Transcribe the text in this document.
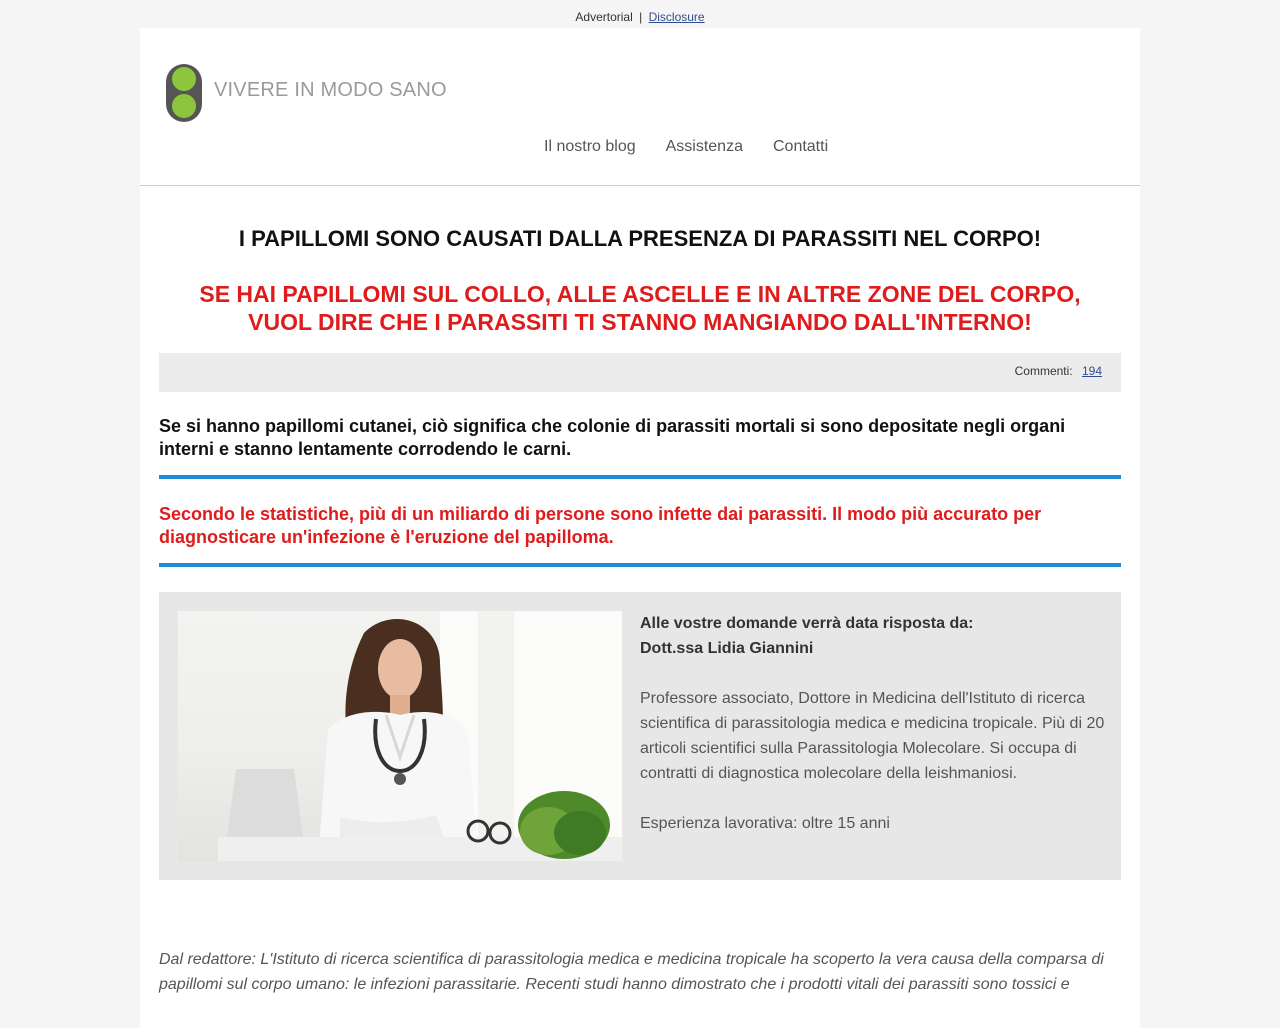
Advertorial | Disclosure
VIVERE IN MODO SANO
Il nostro blog Assistenza Contatti
I PAPILLOMI SONO CAUSATI DALLA PRESENZA DI PARASSITI NEL CORPO!
SE HAI PAPILLOMI SUL COLLO, ALLE ASCELLE E IN ALTRE ZONE DEL CORPO, VUOL DIRE CHE I PARASSITI TI STANNO MANGIANDO DALL'INTERNO!
Commenti: 194

Se si hanno papillomi cutanei, ciò significa che colonie di parassiti mortali si sono depositate negli organi interni e stanno lentamente corrodendo le carni.

Secondo le statistiche, più di un miliardo di persone sono infette dai parassiti. Il modo più accurato per diagnosticare un'infezione è l'eruzione del papilloma.

Alle vostre domande verrà data risposta da:
Dott.ssa Lidia Giannini

Professore associato, Dottore in Medicina dell'Istituto di ricerca scientifica di parassitologia medica e medicina tropicale. Più di 20 articoli scientifici sulla Parassitologia Molecolare. Si occupa di contratti di diagnostica molecolare della leishmaniosi.

Esperienza lavorativa: oltre 15 anni

Dal redattore: L'Istituto di ricerca scientifica di parassitologia medica e medicina tropicale ha scoperto la vera causa della comparsa di papillomi sul corpo umano: le infezioni parassitarie. Recenti studi hanno dimostrato che i prodotti vitali dei parassiti sono tossici e
